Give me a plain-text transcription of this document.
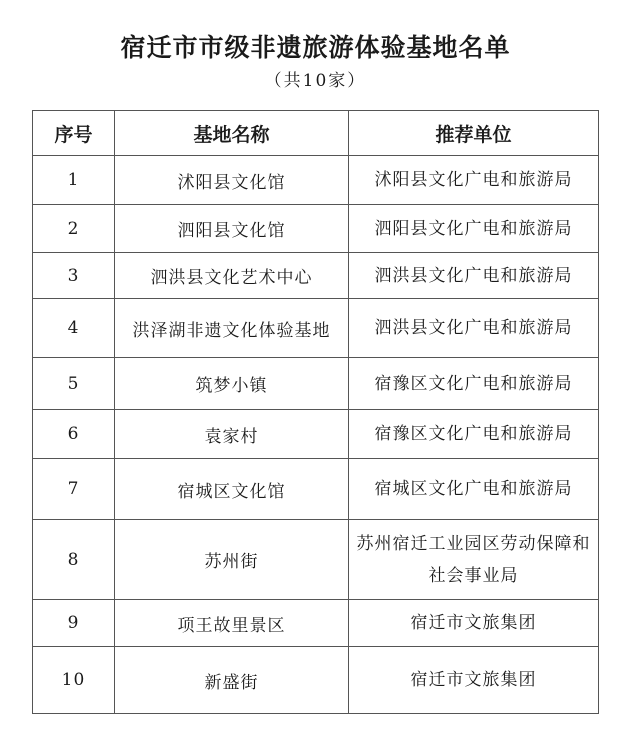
宿迁市市级非遗旅游体验基地名单
（共10家）
序号	基地名称	推荐单位
1	沭阳县文化馆	沭阳县文化广电和旅游局
2	泗阳县文化馆	泗阳县文化广电和旅游局
3	泗洪县文化艺术中心	泗洪县文化广电和旅游局
4	洪泽湖非遗文化体验基地	泗洪县文化广电和旅游局
5	筑梦小镇	宿豫区文化广电和旅游局
6	袁家村	宿豫区文化广电和旅游局
7	宿城区文化馆	宿城区文化广电和旅游局
8	苏州街	苏州宿迁工业园区劳动保障和社会事业局
9	项王故里景区	宿迁市文旅集团
10	新盛街	宿迁市文旅集团
